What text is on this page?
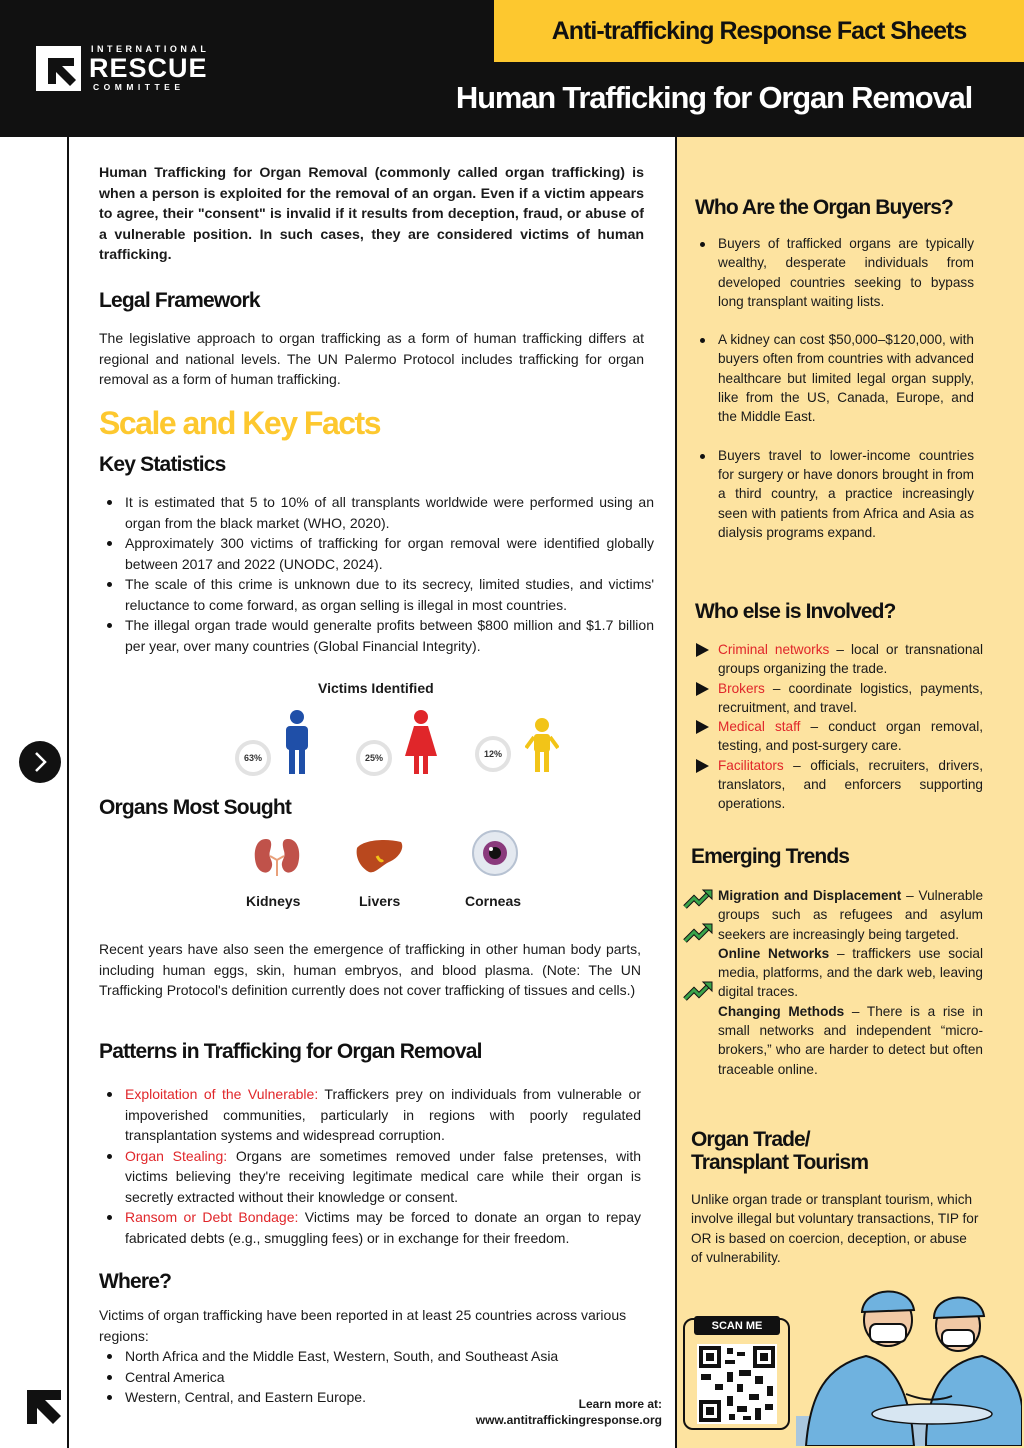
INTERNATIONAL
RESCUE
COMMITTEE
Anti-trafficking Response Fact Sheets
Human Trafficking for Organ Removal
Human Trafficking for Organ Removal (commonly called organ trafficking) is when a person is exploited for the removal of an organ. Even if a victim appears to agree, their "consent" is invalid if it results from deception, fraud, or abuse of a vulnerable position. In such cases, they are considered victims of human trafficking.
Legal Framework
The legislative approach to organ trafficking as a form of human trafficking differs at regional and national levels. The UN Palermo Protocol includes trafficking for organ removal as a form of human trafficking.
Scale and Key Facts
Key Statistics
It is estimated that 5 to 10% of all transplants worldwide were performed using an organ from the black market (WHO, 2020).
Approximately 300 victims of trafficking for organ removal were identified globally between 2017 and 2022 (UNODC, 2024).
The scale of this crime is unknown due to its secrecy, limited studies, and victims' reluctance to come forward, as organ selling is illegal in most countries.
The illegal organ trade would generalte profits between $800 million and $1.7 billion per year, over many countries (Global Financial Integrity).
Victims Identified
63%	25%	12%
Organs Most Sought
Kidneys	Livers	Corneas
Recent years have also seen the emergence of trafficking in other human body parts, including human eggs, skin, human embryos, and blood plasma. (Note: The UN Trafficking Protocol's definition currently does not cover trafficking of tissues and cells.)
Patterns in Trafficking for Organ Removal
Exploitation of the Vulnerable: Traffickers prey on individuals from vulnerable or impoverished communities, particularly in regions with poorly regulated transplantation systems and widespread corruption.
Organ Stealing: Organs are sometimes removed under false pretenses, with victims believing they're receiving legitimate medical care while their organ is secretly extracted without their knowledge or consent.
Ransom or Debt Bondage: Victims may be forced to donate an organ to repay fabricated debts (e.g., smuggling fees) or in exchange for their freedom.
Where?
Victims of organ trafficking have been reported in at least 25 countries across various regions:
North Africa and the Middle East, Western, South, and Southeast Asia
Central America
Western, Central, and Eastern Europe.	Learn more at:
www.antitraffickingresponse.org
Who Are the Organ Buyers?
Buyers of trafficked organs are typically wealthy, desperate individuals from developed countries seeking to bypass long transplant waiting lists.
A kidney can cost $50,000–$120,000, with buyers often from countries with advanced healthcare but limited legal organ supply, like from the US, Canada, Europe, and the Middle East.
Buyers travel to lower-income countries for surgery or have donors brought in from a third country, a practice increasingly seen with patients from Africa and Asia as dialysis programs expand.
Who else is Involved?
Criminal networks – local or transnational groups organizing the trade.
Brokers – coordinate logistics, payments, recruitment, and travel.
Medical staff – conduct organ removal, testing, and post-surgery care.
Facilitators – officials, recruiters, drivers, translators, and enforcers supporting operations.
Emerging Trends
Migration and Displacement – Vulnerable groups such as refugees and asylum seekers are increasingly being targeted.
Online Networks – traffickers use social media, platforms, and the dark web, leaving digital traces.
Changing Methods – There is a rise in small networks and independent “micro-brokers,” who are harder to detect but often traceable online.
Organ Trade/
Transplant Tourism
Unlike organ trade or transplant tourism, which involve illegal but voluntary transactions, TIP for OR is based on coercion, deception, or abuse of vulnerability.
SCAN ME
